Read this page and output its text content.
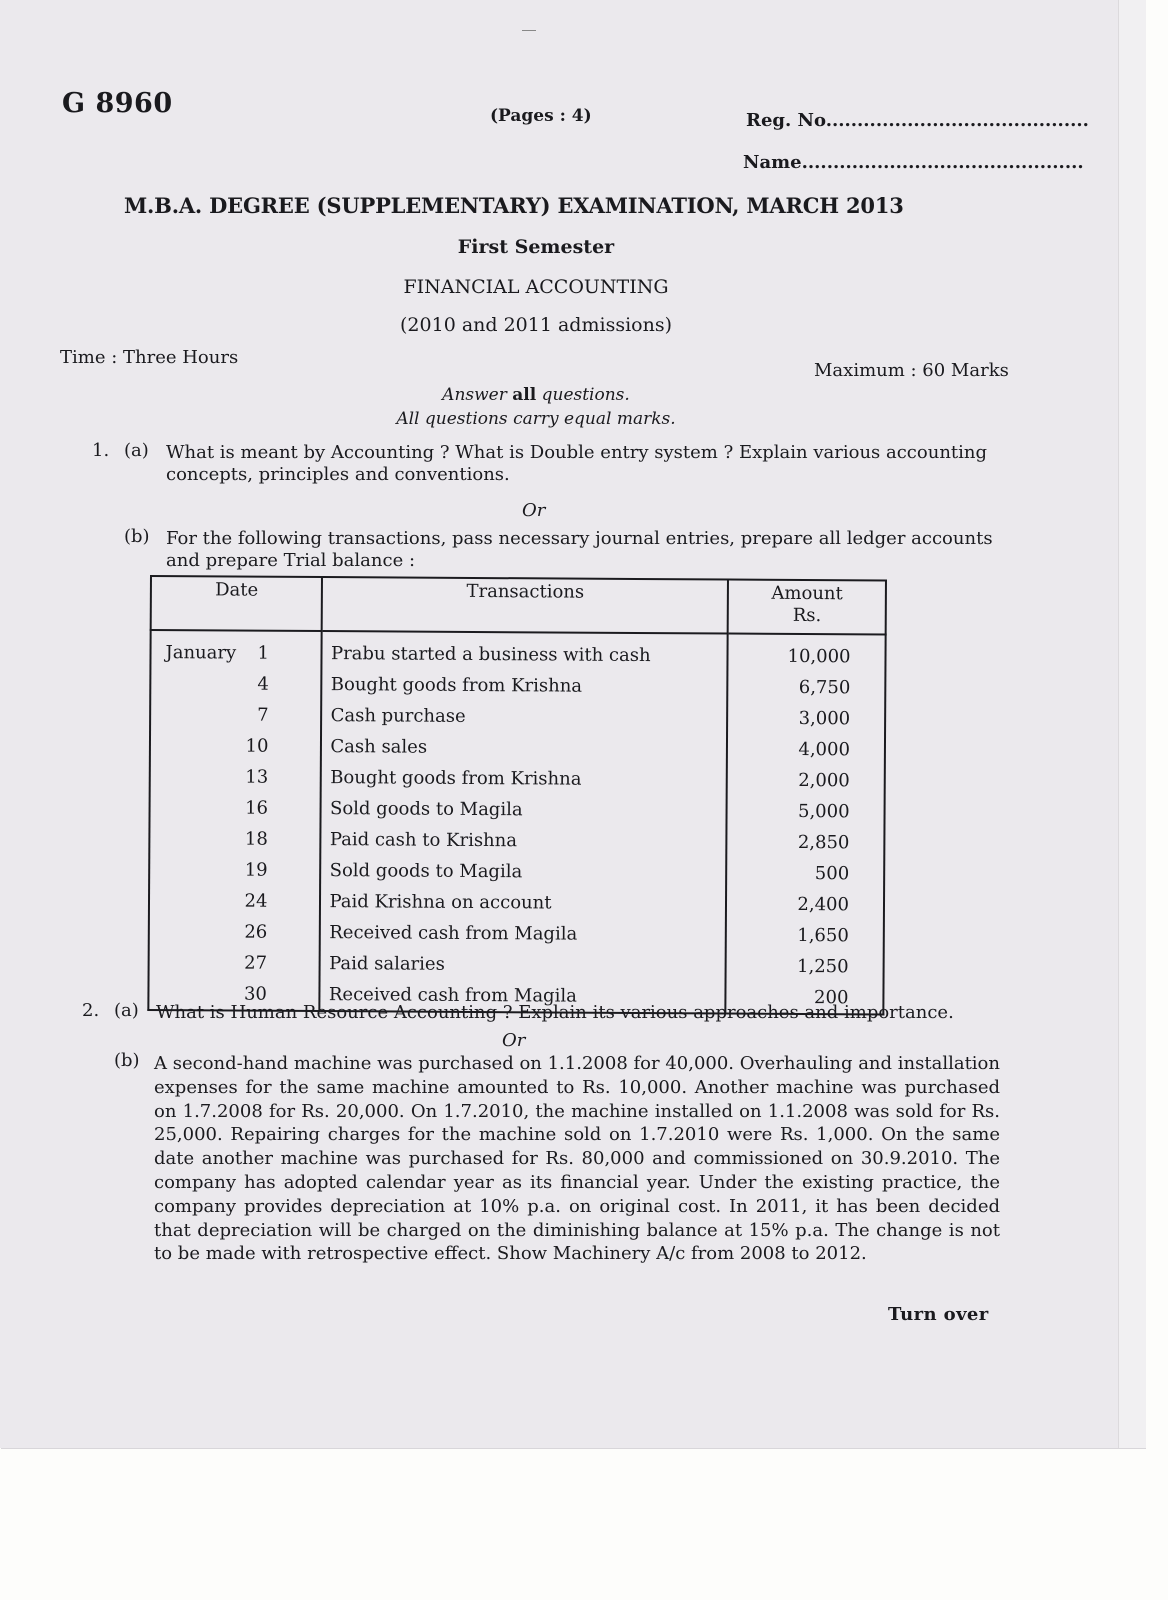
G 8960	(Pages : 4)	Reg. No..........................................
Name.............................................
M.B.A. DEGREE (SUPPLEMENTARY) EXAMINATION, MARCH 2013
First Semester
FINANCIAL ACCOUNTING
(2010 and 2011 admissions)
Time : Three Hours
Maximum : 60 Marks
Answer all questions.
All questions carry equal marks.
1. (a) What is meant by Accounting ? What is Double entry system ? Explain various accounting concepts, principles and conventions.
Or
(b) For the following transactions, pass necessary journal entries, prepare all ledger accounts and prepare Trial balance :
Date	Transactions	Amount
Rs.

January 1	Prabu started a business with cash	10,000

4	Bought goods from Krishna	6,750

7	Cash purchase	3,000

10	Cash sales	4,000

13	Bought goods from Krishna	2,000

16	Sold goods to Magila	5,000

18	Paid cash to Krishna	2,850

19	Sold goods to Magila	500

24	Paid Krishna on account	2,400

26	Received cash from Magila	1,650

27	Paid salaries	1,250

30	Received cash from Magila	200
2. (a) What is Human Resource Accounting ? Explain its various approaches and importance.
Or
(b) A second-hand machine was purchased on 1.1.2008 for 40,000. Overhauling and installation expenses for the same machine amounted to Rs. 10,000. Another machine was purchased on 1.7.2008 for Rs. 20,000. On 1.7.2010, the machine installed on 1.1.2008 was sold for Rs. 25,000. Repairing charges for the machine sold on 1.7.2010 were Rs. 1,000. On the same date another machine was purchased for Rs. 80,000 and commissioned on 30.9.2010. The company has adopted calendar year as its financial year. Under the existing practice, the company provides depreciation at 10% p.a. on original cost. In 2011, it has been decided that depreciation will be charged on the diminishing balance at 15% p.a. The change is not to be made with retrospective effect. Show Machinery A/c from 2008 to 2012.
Turn over
